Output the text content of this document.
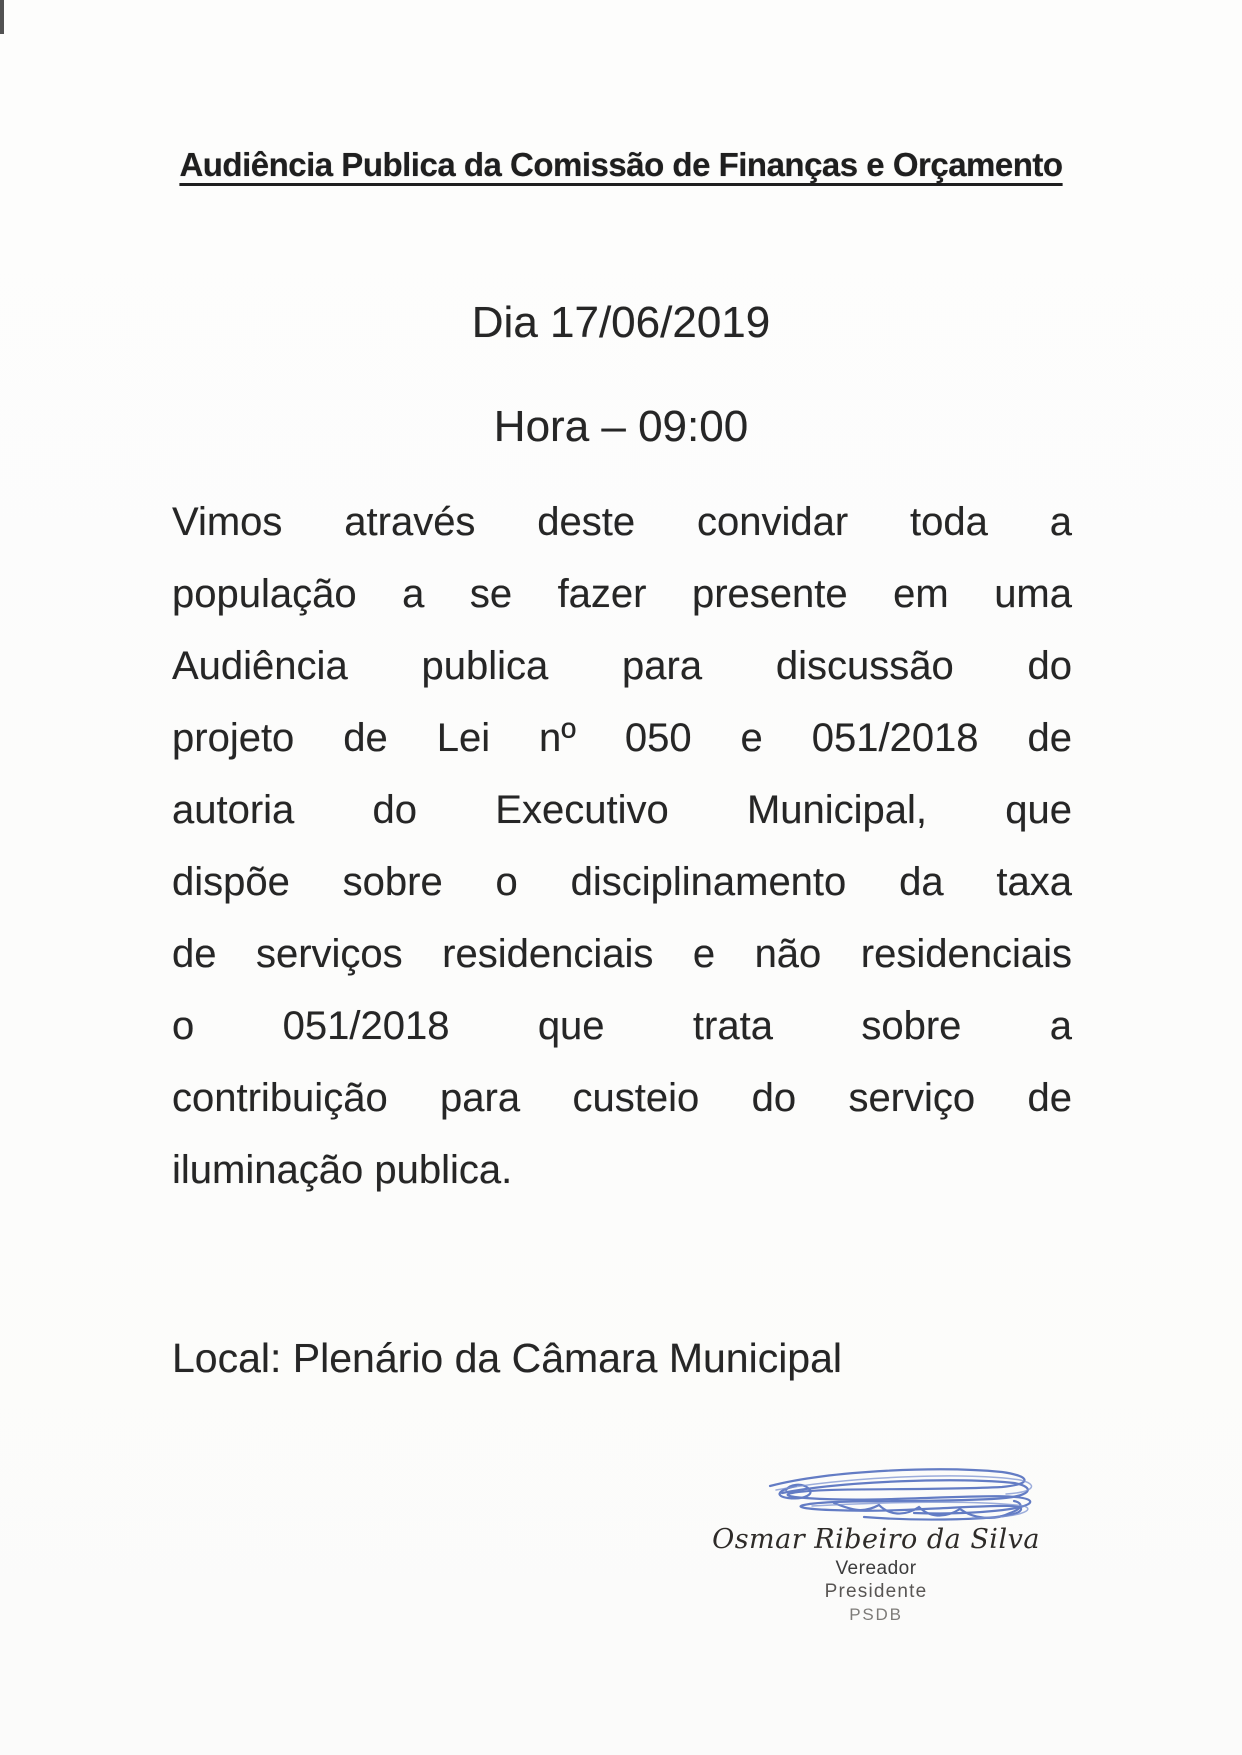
Audiência Publica da Comissão de Finanças e Orçamento
Dia 17/06/2019
Hora – 09:00
Vimos através deste convidar toda a
população a se fazer presente em uma
Audiência publica para discussão do
projeto de Lei nº 050 e 051/2018 de
autoria do Executivo Municipal, que
dispõe sobre o disciplinamento da taxa
de serviços residenciais e não residenciais
o 051/2018 que trata sobre a
contribuição para custeio do serviço de
iluminação publica.
Local: Plenário da Câmara Municipal
Osmar Ribeiro da Silva
Vereador
Presidente
PSDB
